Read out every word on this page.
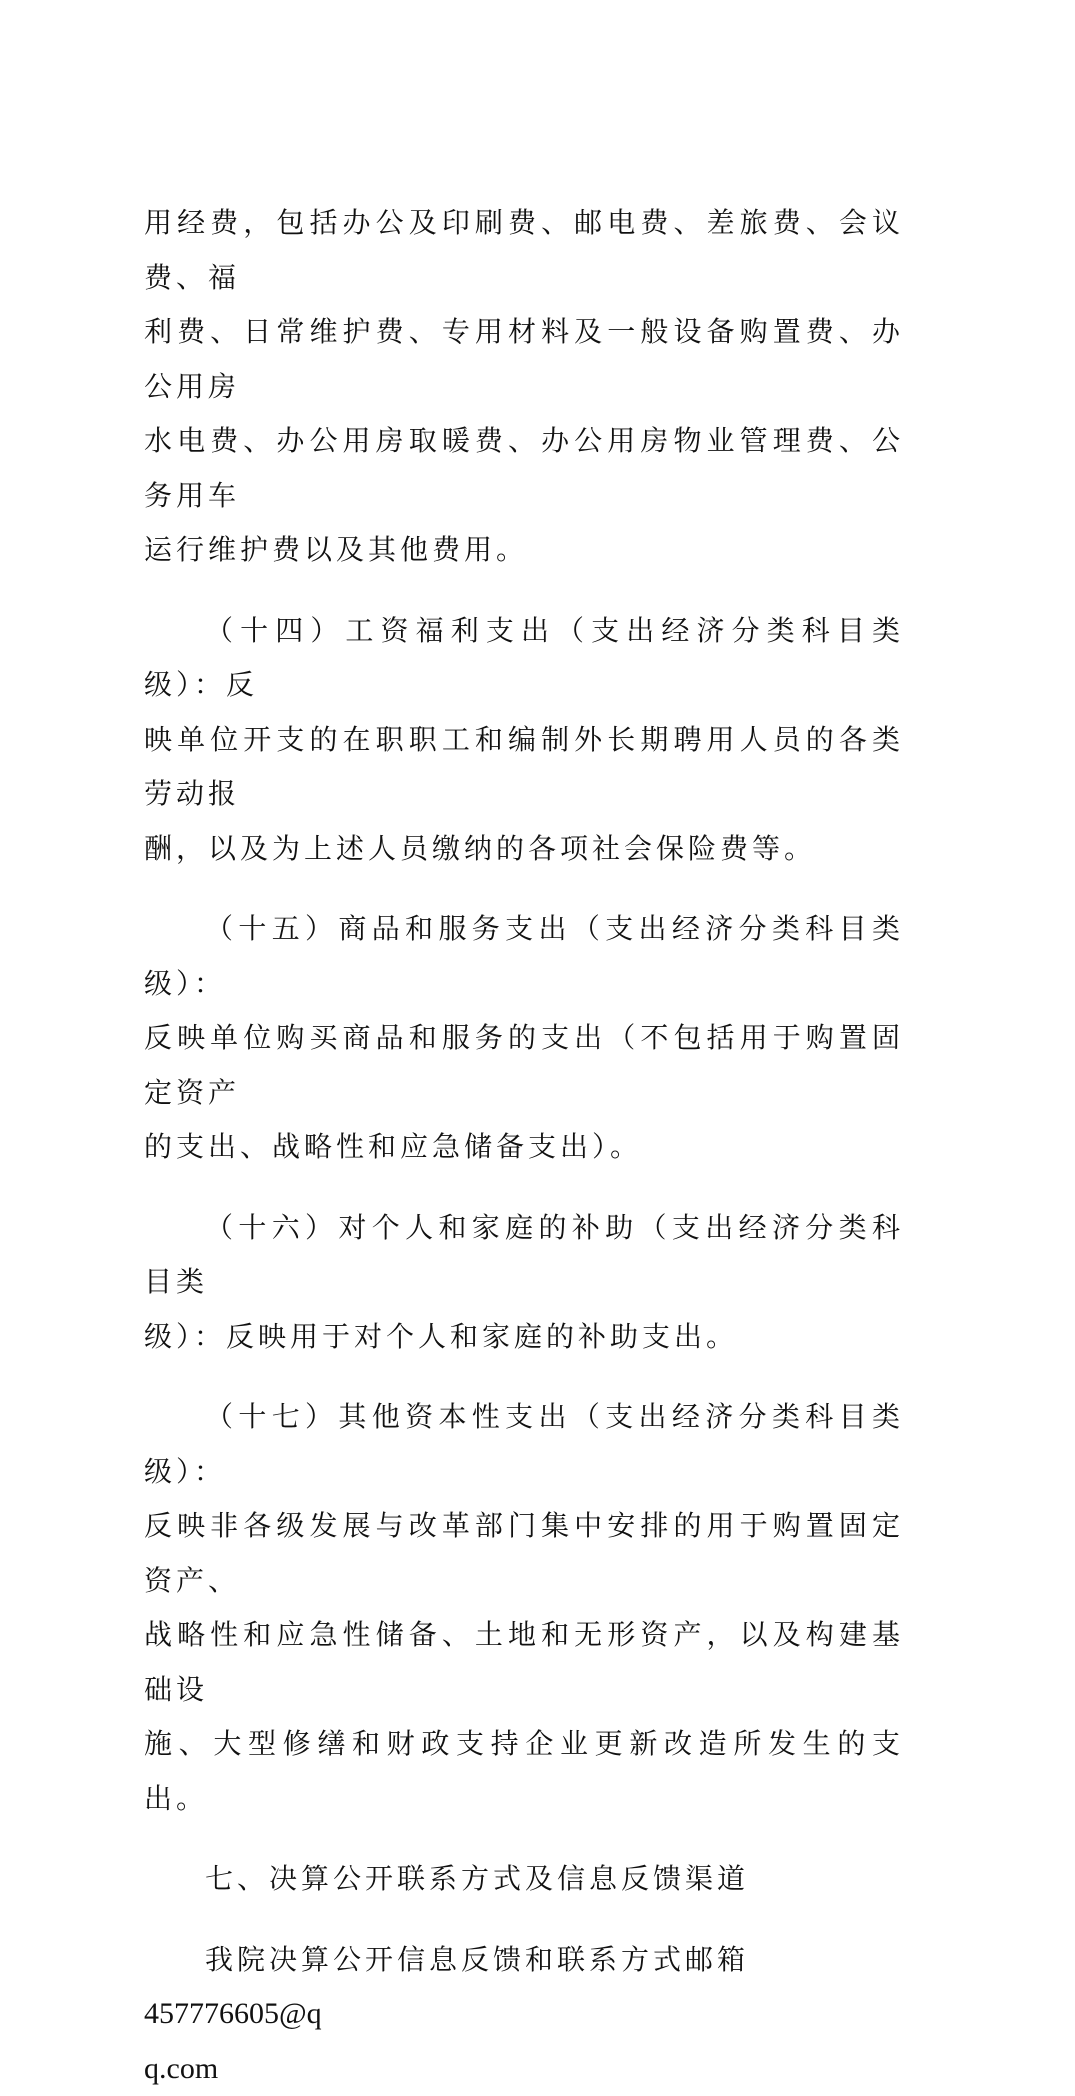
用经费，包括办公及印刷费、邮电费、差旅费、会议费、福
利费、日常维护费、专用材料及一般设备购置费、办公用房
水电费、办公用房取暖费、办公用房物业管理费、公务用车
运行维护费以及其他费用。
（十四）工资福利支出（支出经济分类科目类级）：反
映单位开支的在职职工和编制外长期聘用人员的各类劳动报
酬，以及为上述人员缴纳的各项社会保险费等。
（十五）商品和服务支出（支出经济分类科目类级）：
反映单位购买商品和服务的支出（不包括用于购置固定资产
的支出、战略性和应急储备支出）。
（十六）对个人和家庭的补助（支出经济分类科目类
级）：反映用于对个人和家庭的补助支出。
（十七）其他资本性支出（支出经济分类科目类级）：
反映非各级发展与改革部门集中安排的用于购置固定资产、
战略性和应急性储备、土地和无形资产，以及构建基础设
施、大型修缮和财政支持企业更新改造所发生的支出。
七、决算公开联系方式及信息反馈渠道
我院决算公开信息反馈和联系方式邮箱457776605@q
q.com
